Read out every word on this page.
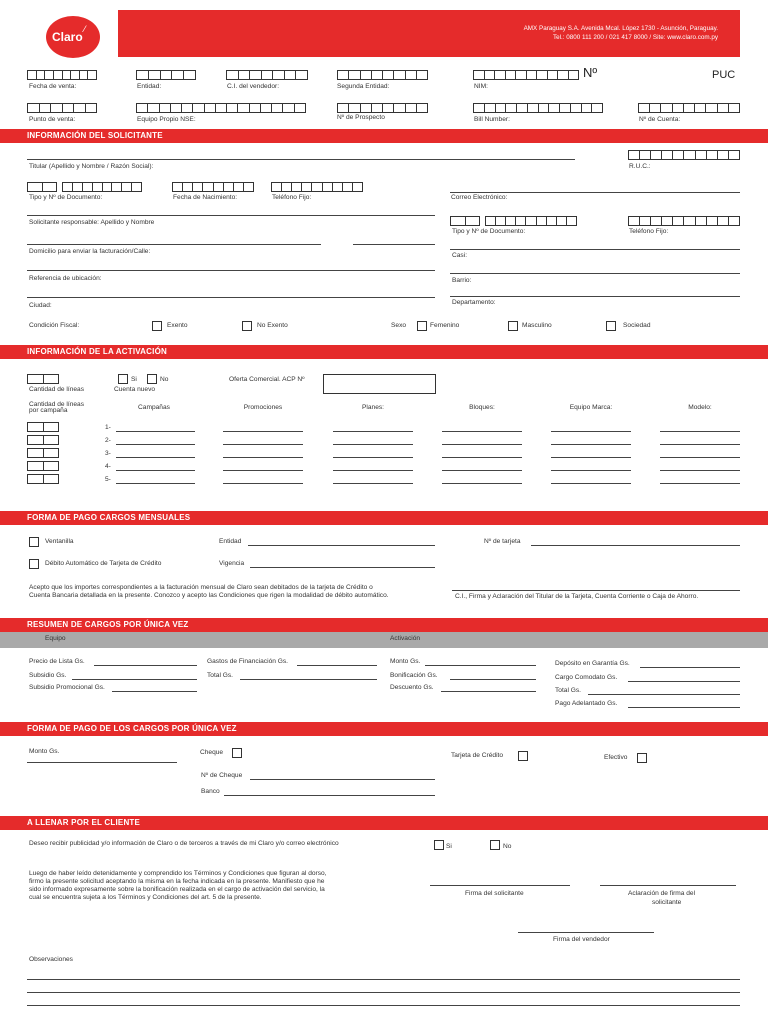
Claro
⁄	AMX Paraguay S.A. Avenida Mcal. López 1730 - Asunción, Paraguay.
Tel.: 0800 111 200 / 021 417 8000 / Site: www.claro.com.py
Fecha de venta:	Entidad:	C.I. del vendedor:	Segunda Entidad:	NIM:
Nº	PUC
Punto de venta:	Equipo Propio NSE:	Nº de Prospecto	Bill Number:	Nº de Cuenta:
INFORMACIÓN DEL SOLICITANTE
Titular (Apellido y Nombre / Razón Social):	R.U.C.:
Tipo y Nº de Documento:	Fecha de Nacimiento:	Teléfono Fijo:	Correo Electrónico:
Solicitante responsable: Apellido y Nombre
Tipo y Nº de Documento:	Teléfono Fijo:
Domicilio para enviar la facturación/Calle:
Casi:
Referencia de ubicación:	Barrio:
Ciudad:	Departamento:
Condición Fiscal:	Exento	No Exento	Sexo	Femenino	Masculino	Sociedad
INFORMACIÓN DE LA ACTIVACIÓN
Cantidad de líneas
Si	No
Cuenta nuevo
Oferta Comercial. ACP Nº
Cantidad de líneas
por campaña	Campañas	Promociones	Planes:	Bloques:	Equipo Marca:	Modelo:
1-
2-
3-
4-
5-
FORMA DE PAGO CARGOS MENSUALES
Ventanilla	Entidad	Nº de tarjeta
Débito Automático de Tarjeta de Crédito	Vigencia
Acepto que los importes correspondientes a la facturación mensual de Claro sean debitados de la tarjeta de Crédito o
Cuenta Bancaria detallada en la presente. Conozco y acepto las Condiciones que rigen la modalidad de débito automático.	C.I., Firma y Aclaración del Titular de la Tarjeta, Cuenta Corriente o Caja de Ahorro.
RESUMEN DE CARGOS POR ÚNICA VEZ
Equipo	Activación
Precio de Lista Gs.	Gastos de Financiación Gs.	Monto Gs.	Depósito en Garantía Gs.
Subsidio Gs.	Total Gs.	Bonificación Gs.	Cargo Comodato Gs.
Subsidio Promocional Gs.	Descuento Gs.	Total Gs.
Pago Adelantado Gs.
FORMA DE PAGO DE LOS CARGOS POR ÚNICA VEZ
Monto Gs.	Cheque	Tarjeta de Crédito	Efectivo
Nº de Cheque
Banco
A LLENAR POR EL CLIENTE
Deseo recibir publicidad y/o información de Claro o de terceros a través de mi Claro y/o correo electrónico	Si	No
Luego de haber leído detenidamente y comprendido los Términos y Condiciones que figuran al dorso,
firmo la presente solicitud aceptando la misma en la fecha indicada en la presente. Manifiesto que he
sido informado expresamente sobre la bonificación realizada en el cargo de activación del servicio, la
cual se encuentra sujeta a los Términos y Condiciones del art. 5 de la presente.
Firma del solicitante	Aclaración de firma del
solicitante
Firma del vendedor
Observaciones
